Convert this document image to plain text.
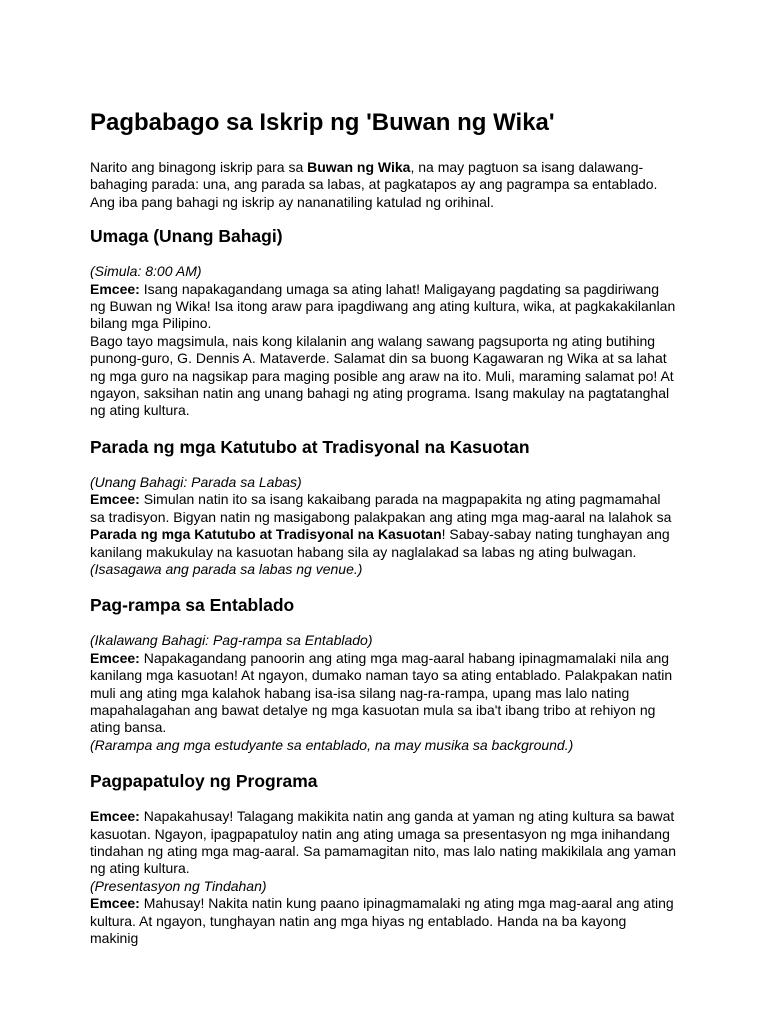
Pagbabago sa Iskrip ng 'Buwan ng Wika'

Narito ang binagong iskrip para sa Buwan ng Wika, na may pagtuon sa isang dalawang-bahaging parada: una, ang parada sa labas, at pagkatapos ay ang pagrampa sa entablado. Ang iba pang bahagi ng iskrip ay nananatiling katulad ng orihinal.

Umaga (Unang Bahagi)

(Simula: 8:00 AM)

Emcee: Isang napakagandang umaga sa ating lahat! Maligayang pagdating sa pagdiriwang ng Buwan ng Wika! Isa itong araw para ipagdiwang ang ating kultura, wika, at pagkakakilanlan bilang mga Pilipino.

Bago tayo magsimula, nais kong kilalanin ang walang sawang pagsuporta ng ating butihing punong-guro, G. Dennis A. Mataverde. Salamat din sa buong Kagawaran ng Wika at sa lahat ng mga guro na nagsikap para maging posible ang araw na ito. Muli, maraming salamat po! At ngayon, saksihan natin ang unang bahagi ng ating programa. Isang makulay na pagtatanghal ng ating kultura.

Parada ng mga Katutubo at Tradisyonal na Kasuotan

(Unang Bahagi: Parada sa Labas)

Emcee: Simulan natin ito sa isang kakaibang parada na magpapakita ng ating pagmamahal sa tradisyon. Bigyan natin ng masigabong palakpakan ang ating mga mag-aaral na lalahok sa Parada ng mga Katutubo at Tradisyonal na Kasuotan! Sabay-sabay nating tunghayan ang kanilang makukulay na kasuotan habang sila ay naglalakad sa labas ng ating bulwagan.

(Isasagawa ang parada sa labas ng venue.)

Pag-rampa sa Entablado

(Ikalawang Bahagi: Pag-rampa sa Entablado)

Emcee: Napakagandang panoorin ang ating mga mag-aaral habang ipinagmamalaki nila ang kanilang mga kasuotan! At ngayon, dumako naman tayo sa ating entablado. Palakpakan natin muli ang ating mga kalahok habang isa-isa silang nag-ra-rampa, upang mas lalo nating mapahalagahan ang bawat detalye ng mga kasuotan mula sa iba't ibang tribo at rehiyon ng ating bansa.

(Rarampa ang mga estudyante sa entablado, na may musika sa background.)

Pagpapatuloy ng Programa

Emcee: Napakahusay! Talagang makikita natin ang ganda at yaman ng ating kultura sa bawat kasuotan. Ngayon, ipagpapatuloy natin ang ating umaga sa presentasyon ng mga inihandang tindahan ng ating mga mag-aaral. Sa pamamagitan nito, mas lalo nating makikilala ang yaman ng ating kultura.

(Presentasyon ng Tindahan)

Emcee: Mahusay! Nakita natin kung paano ipinagmamalaki ng ating mga mag-aaral ang ating kultura. At ngayon, tunghayan natin ang mga hiyas ng entablado. Handa na ba kayong makinig
